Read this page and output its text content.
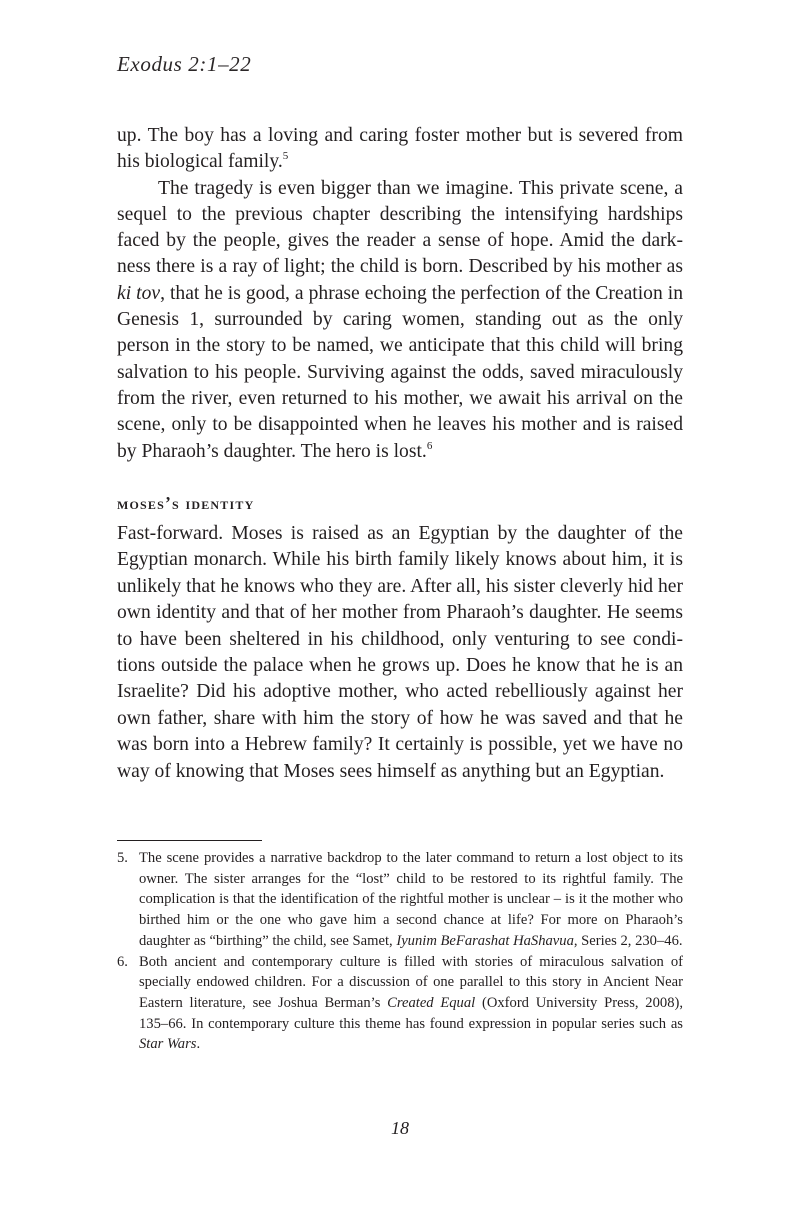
Exodus 2:1–22

up. The boy has a loving and caring foster mother but is severed from his biological family.$^5$

The tragedy is even bigger than we imagine. This private scene, a sequel to the previous chapter describing the intensifying hardships faced by the people, gives the reader a sense of hope. Amid the darkness there is a ray of light; the child is born. Described by his mother as ki tov, that he is good, a phrase echoing the perfection of the Creation in Genesis 1, surrounded by caring women, standing out as the only person in the story to be named, we anticipate that this child will bring salvation to his people. Surviving against the odds, saved miraculously from the river, even returned to his mother, we await his arrival on the scene, only to be disappointed when he leaves his mother and is raised by Pharaoh’s daughter. The hero is lost.$^6$

moses’s identity

Fast-forward. Moses is raised as an Egyptian by the daughter of the Egyptian monarch. While his birth family likely knows about him, it is unlikely that he knows who they are. After all, his sister cleverly hid her own identity and that of her mother from Pharaoh’s daughter. He seems to have been sheltered in his childhood, only venturing to see conditions outside the palace when he grows up. Does he know that he is an Israelite? Did his adoptive mother, who acted rebelliously against her own father, share with him the story of how he was saved and that he was born into a Hebrew family? It certainly is possible, yet we have no way of knowing that Moses sees himself as anything but an Egyptian.

5. The scene provides a narrative backdrop to the later command to return a lost object to its owner. The sister arranges for the “lost” child to be restored to its rightful family. The complication is that the identification of the rightful mother is unclear – is it the mother who birthed him or the one who gave him a second chance at life? For more on Pharaoh’s daughter as “birthing” the child, see Samet, Iyunim BeFarashat HaShavua, Series 2, 230–46.

6. Both ancient and contemporary culture is filled with stories of miraculous salvation of specially endowed children. For a discussion of one parallel to this story in Ancient Near Eastern literature, see Joshua Berman’s Created Equal (Oxford University Press, 2008), 135–66. In contemporary culture this theme has found expression in popular series such as Star Wars.

18
